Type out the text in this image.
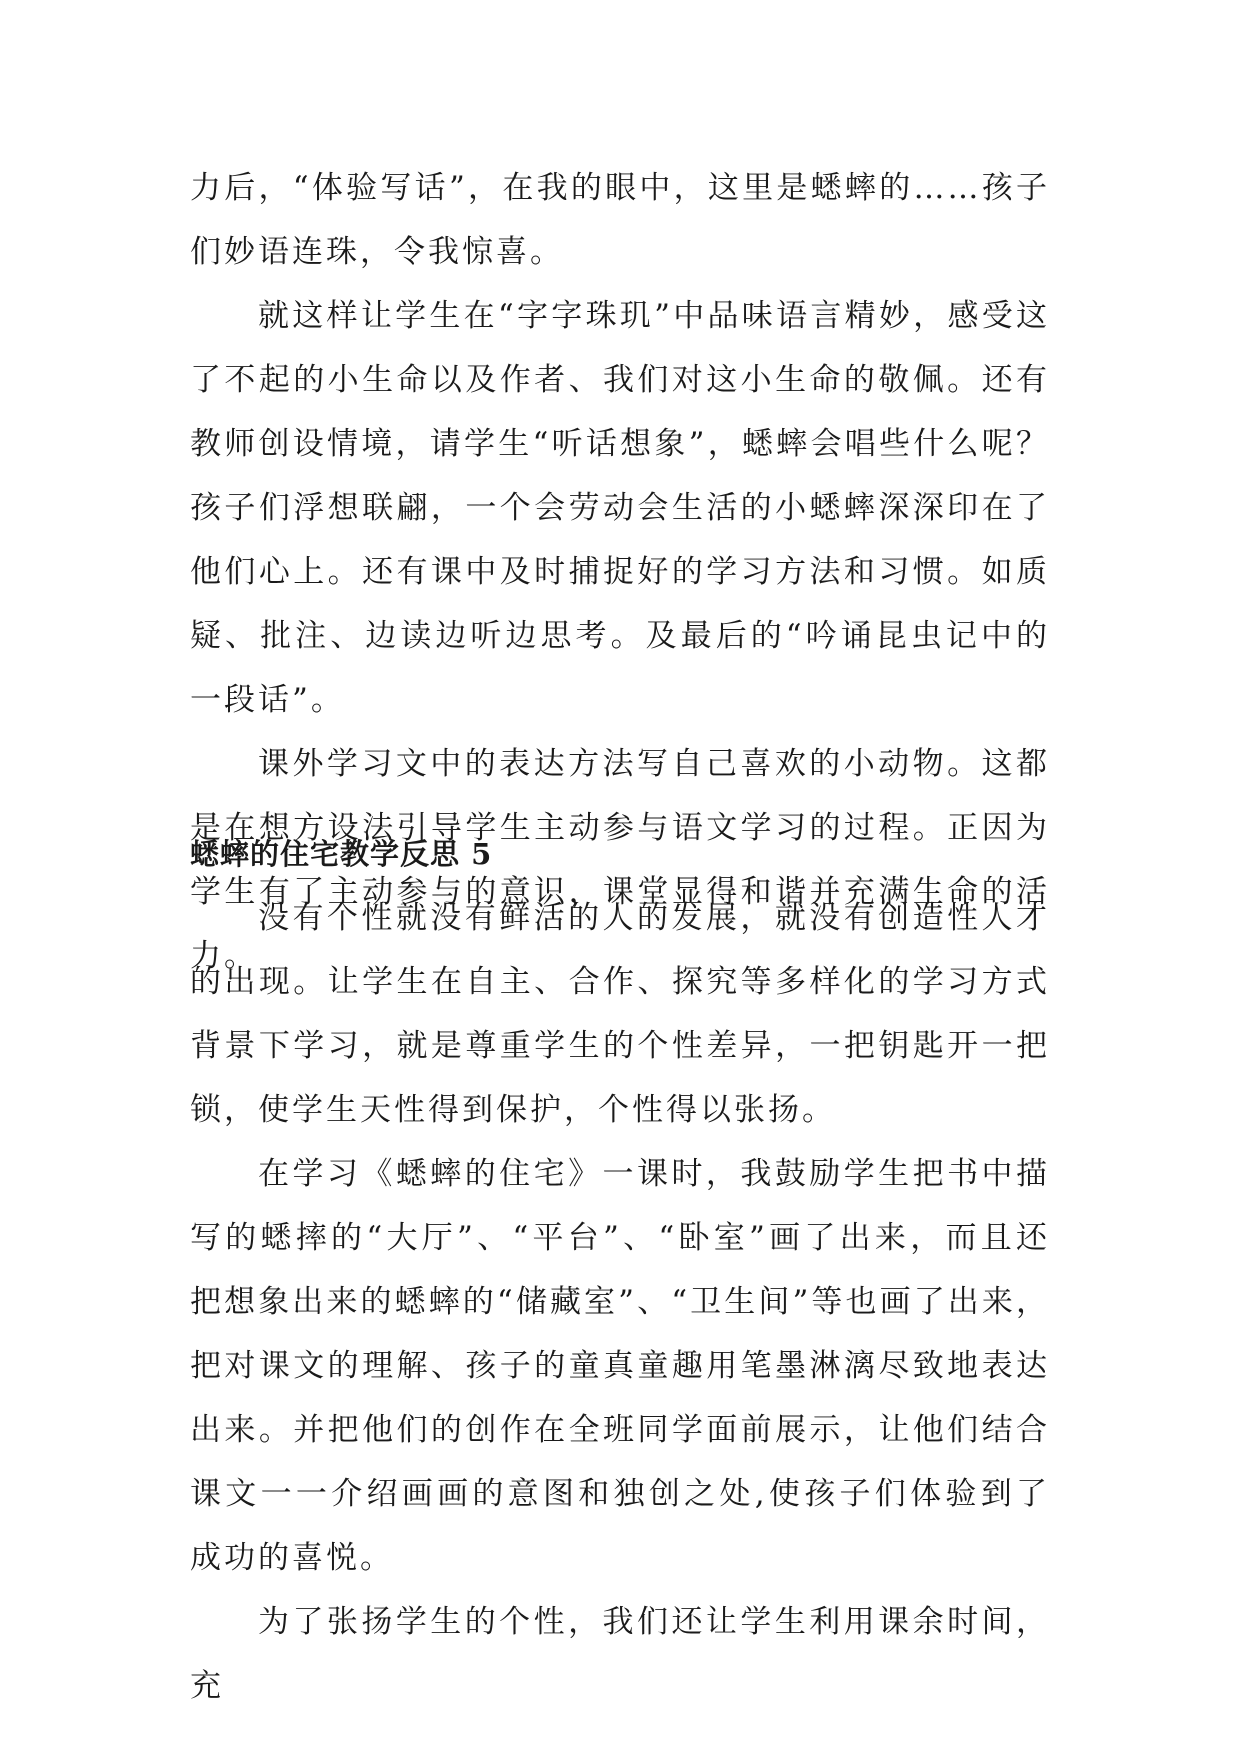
力后，“体验写话”，在我的眼中，这里是蟋蟀的……孩子们妙语连珠，令我惊喜。

就这样让学生在“字字珠玑”中品味语言精妙，感受这了不起的小生命以及作者、我们对这小生命的敬佩。还有教师创设情境，请学生“听话想象”，蟋蟀会唱些什么呢？孩子们浮想联翩，一个会劳动会生活的小蟋蟀深深印在了他们心上。还有课中及时捕捉好的学习方法和习惯。如质疑、批注、边读边听边思考。及最后的“吟诵昆虫记中的一段话”。

课外学习文中的表达方法写自己喜欢的小动物。这都是在想方设法引导学生主动参与语文学习的过程。正因为学生有了主动参与的意识，课堂显得和谐并充满生命的活力。

蟋蟀的住宅教学反思 5

没有个性就没有鲜活的人的发展，就没有创造性人才的出现。让学生在自主、合作、探究等多样化的学习方式背景下学习，就是尊重学生的个性差异，一把钥匙开一把锁，使学生天性得到保护，个性得以张扬。

在学习《蟋蟀的住宅》一课时，我鼓励学生把书中描写的蟋摔的“大厅”、“平台”、“卧室”画了出来，而且还把想象出来的蟋蟀的“储藏室”、“卫生间”等也画了出来，把对课文的理解、孩子的童真童趣用笔墨淋漓尽致地表达出来。并把他们的创作在全班同学面前展示，让他们结合课文一一介绍画画的意图和独创之处,使孩子们体验到了成功的喜悦。

为了张扬学生的个性，我们还让学生利用课余时间，充
